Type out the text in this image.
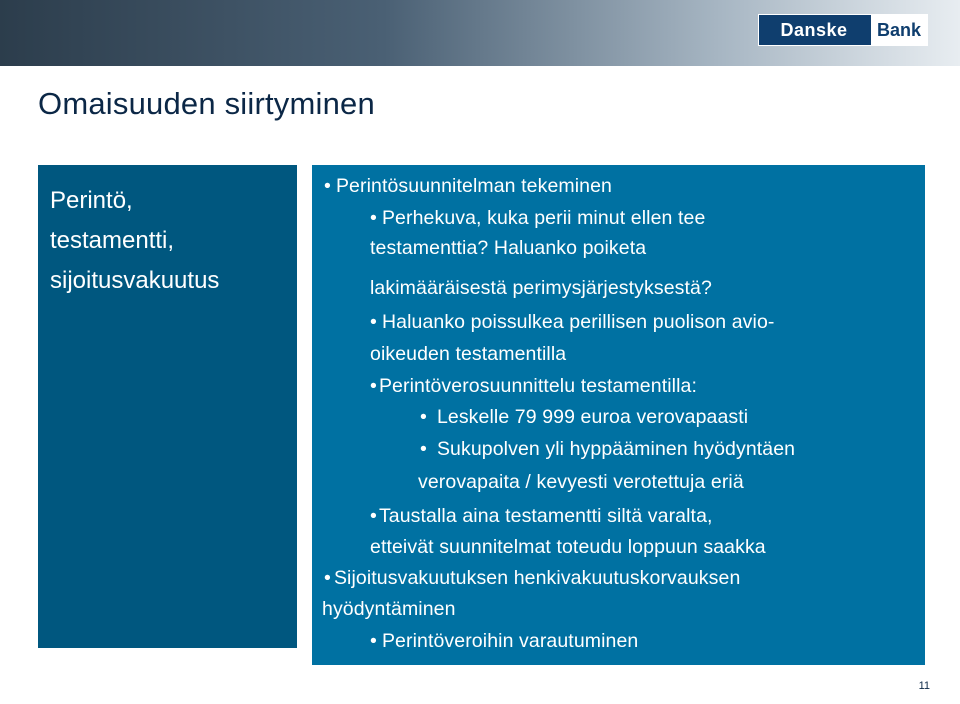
Danske	Bank
Omaisuuden siirtyminen
Perintö,
testamentti,
sijoitusvakuutus
• Perintösuunnitelman tekeminen
• Perhekuva, kuka perii minut ellen tee
testamenttia? Haluanko poiketa
lakimääräisestä perimysjärjestyksestä?
• Haluanko poissulkea perillisen puolison avio-
oikeuden testamentilla
• Perintöverosuunnittelu testamentilla:
• Leskelle 79 999 euroa verovapaasti
• Sukupolven yli hyppääminen hyödyntäen
verovapaita / kevyesti verotettuja eriä
• Taustalla aina testamentti siltä varalta,
etteivät suunnitelmat toteudu loppuun saakka
• Sijoitusvakuutuksen henkivakuutuskorvauksen
hyödyntäminen
• Perintöveroihin varautuminen
11
